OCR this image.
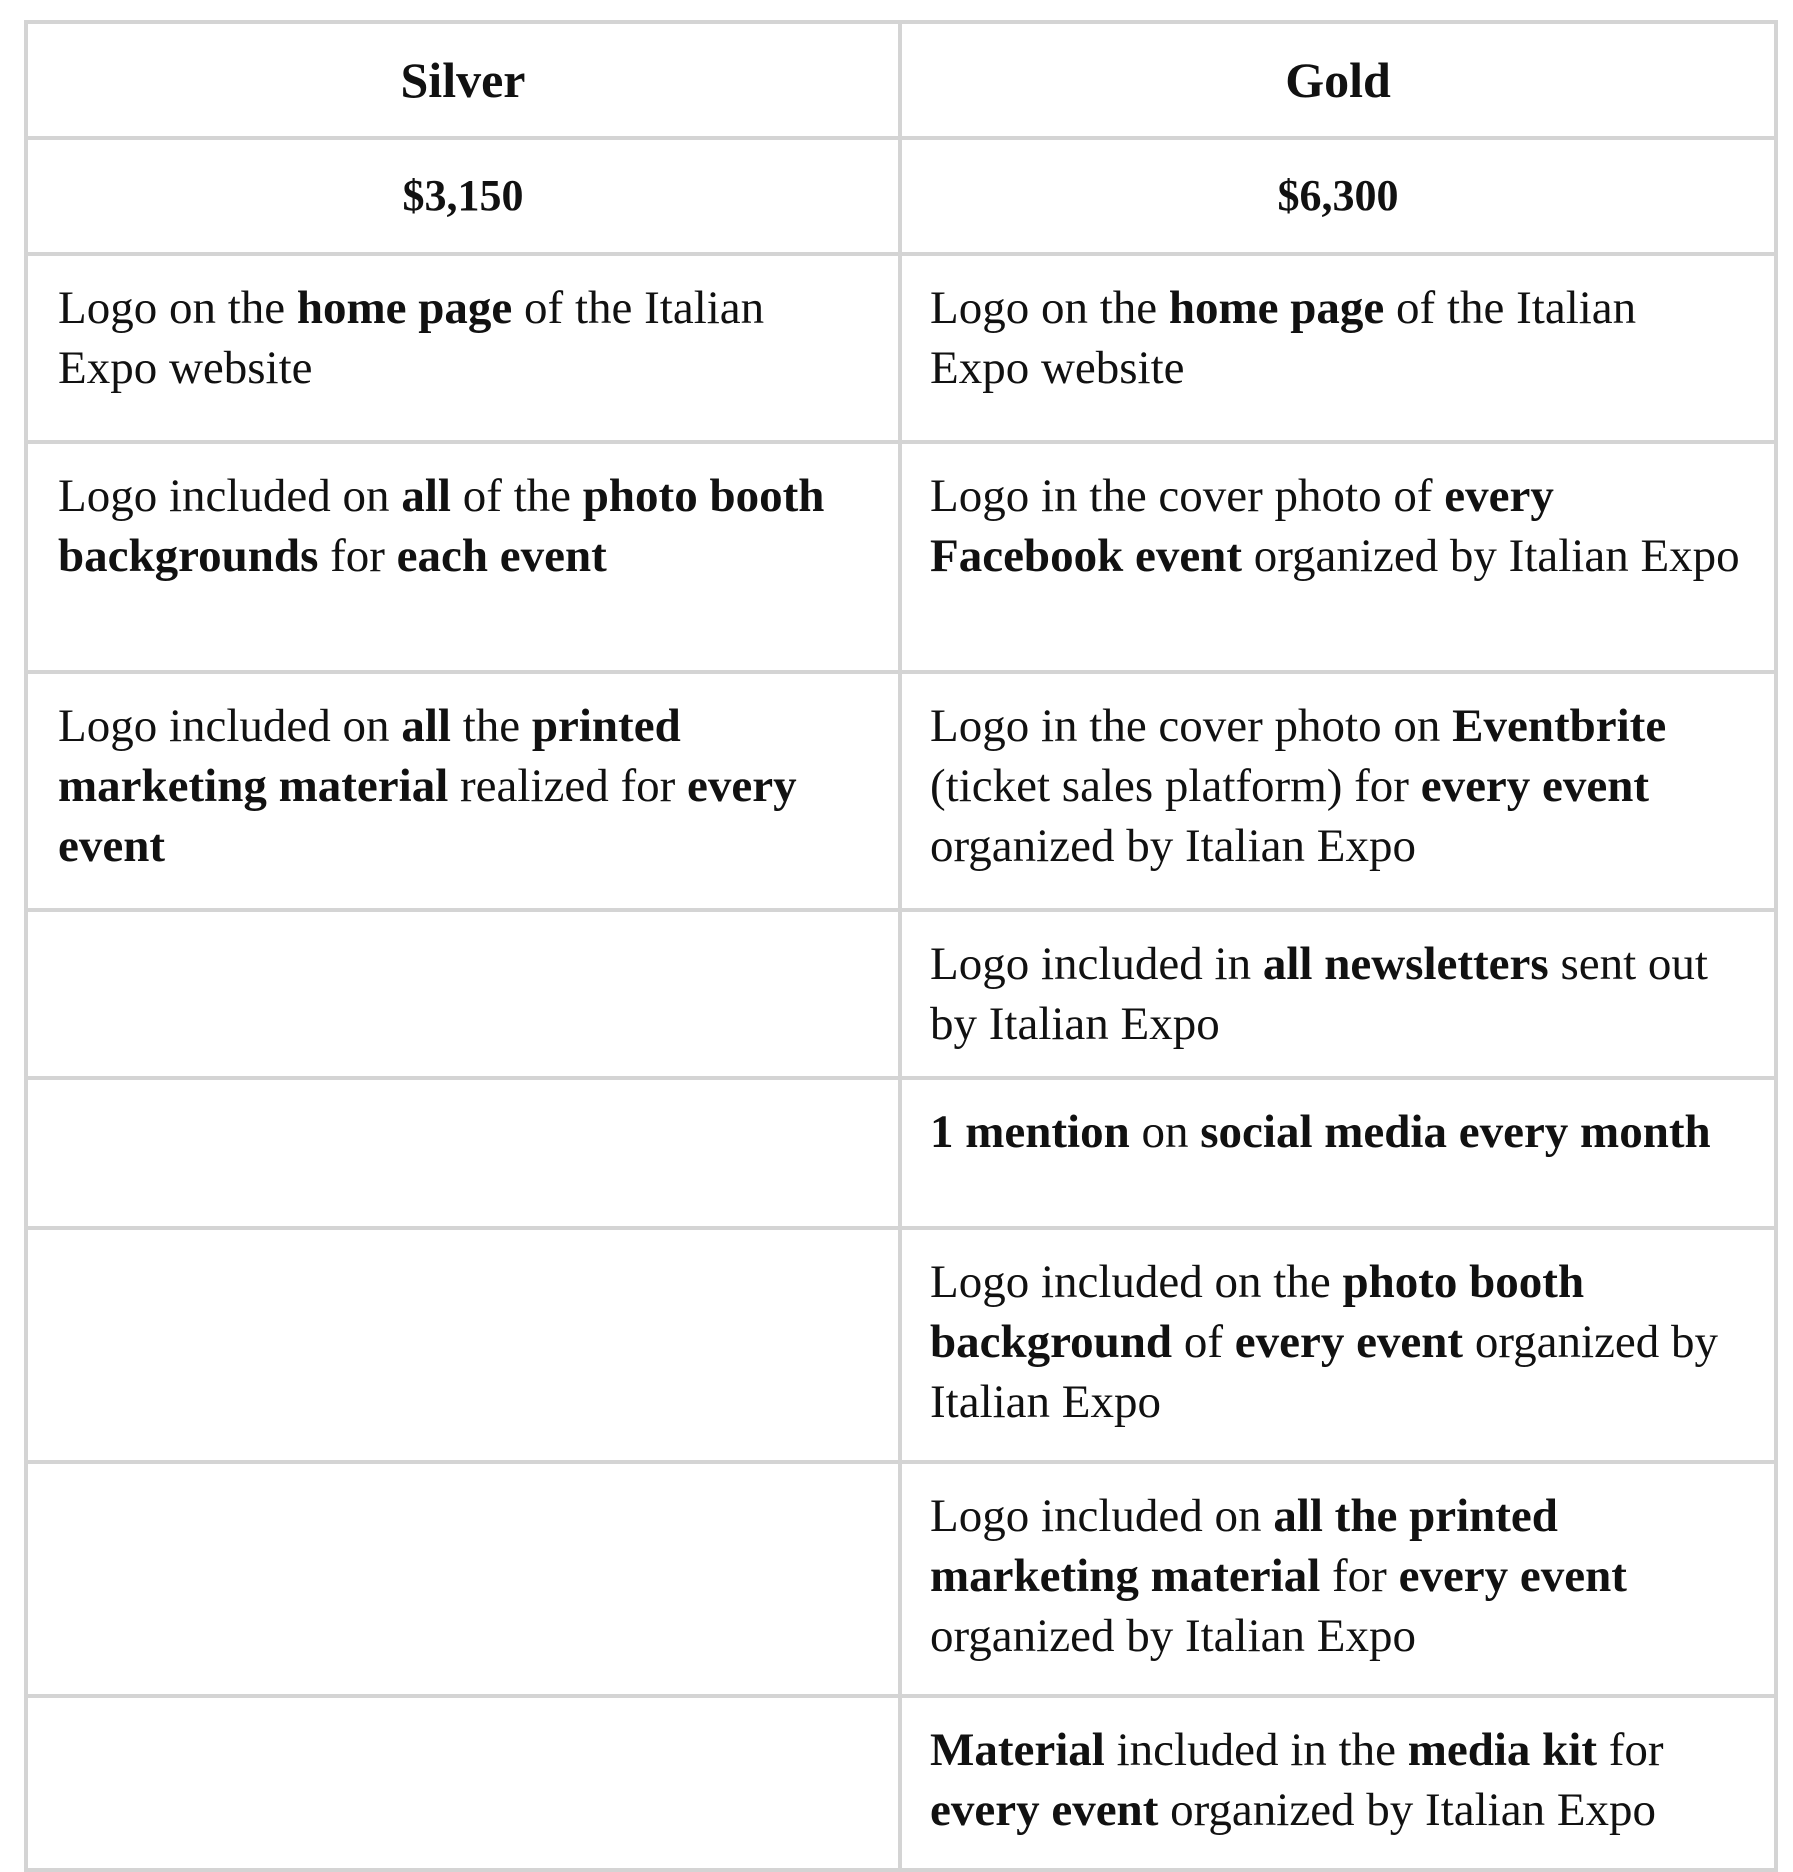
Silver	Gold
$3,150	$6,300
Logo on the home page of the Italian Expo website	Logo on the home page of the Italian Expo website
Logo included on all of the photo booth backgrounds for each event	Logo in the cover photo of every Facebook event organized by Italian Expo
Logo included on all the printed marketing material realized for every event	Logo in the cover photo on Eventbrite (ticket sales platform) for every event organized by Italian Expo
	Logo included in all newsletters sent out by Italian Expo
	1 mention on social media every month
	Logo included on the photo booth background of every event organized by Italian Expo
	Logo included on all the printed marketing material for every event organized by Italian Expo
	Material included in the media kit for every event organized by Italian Expo
